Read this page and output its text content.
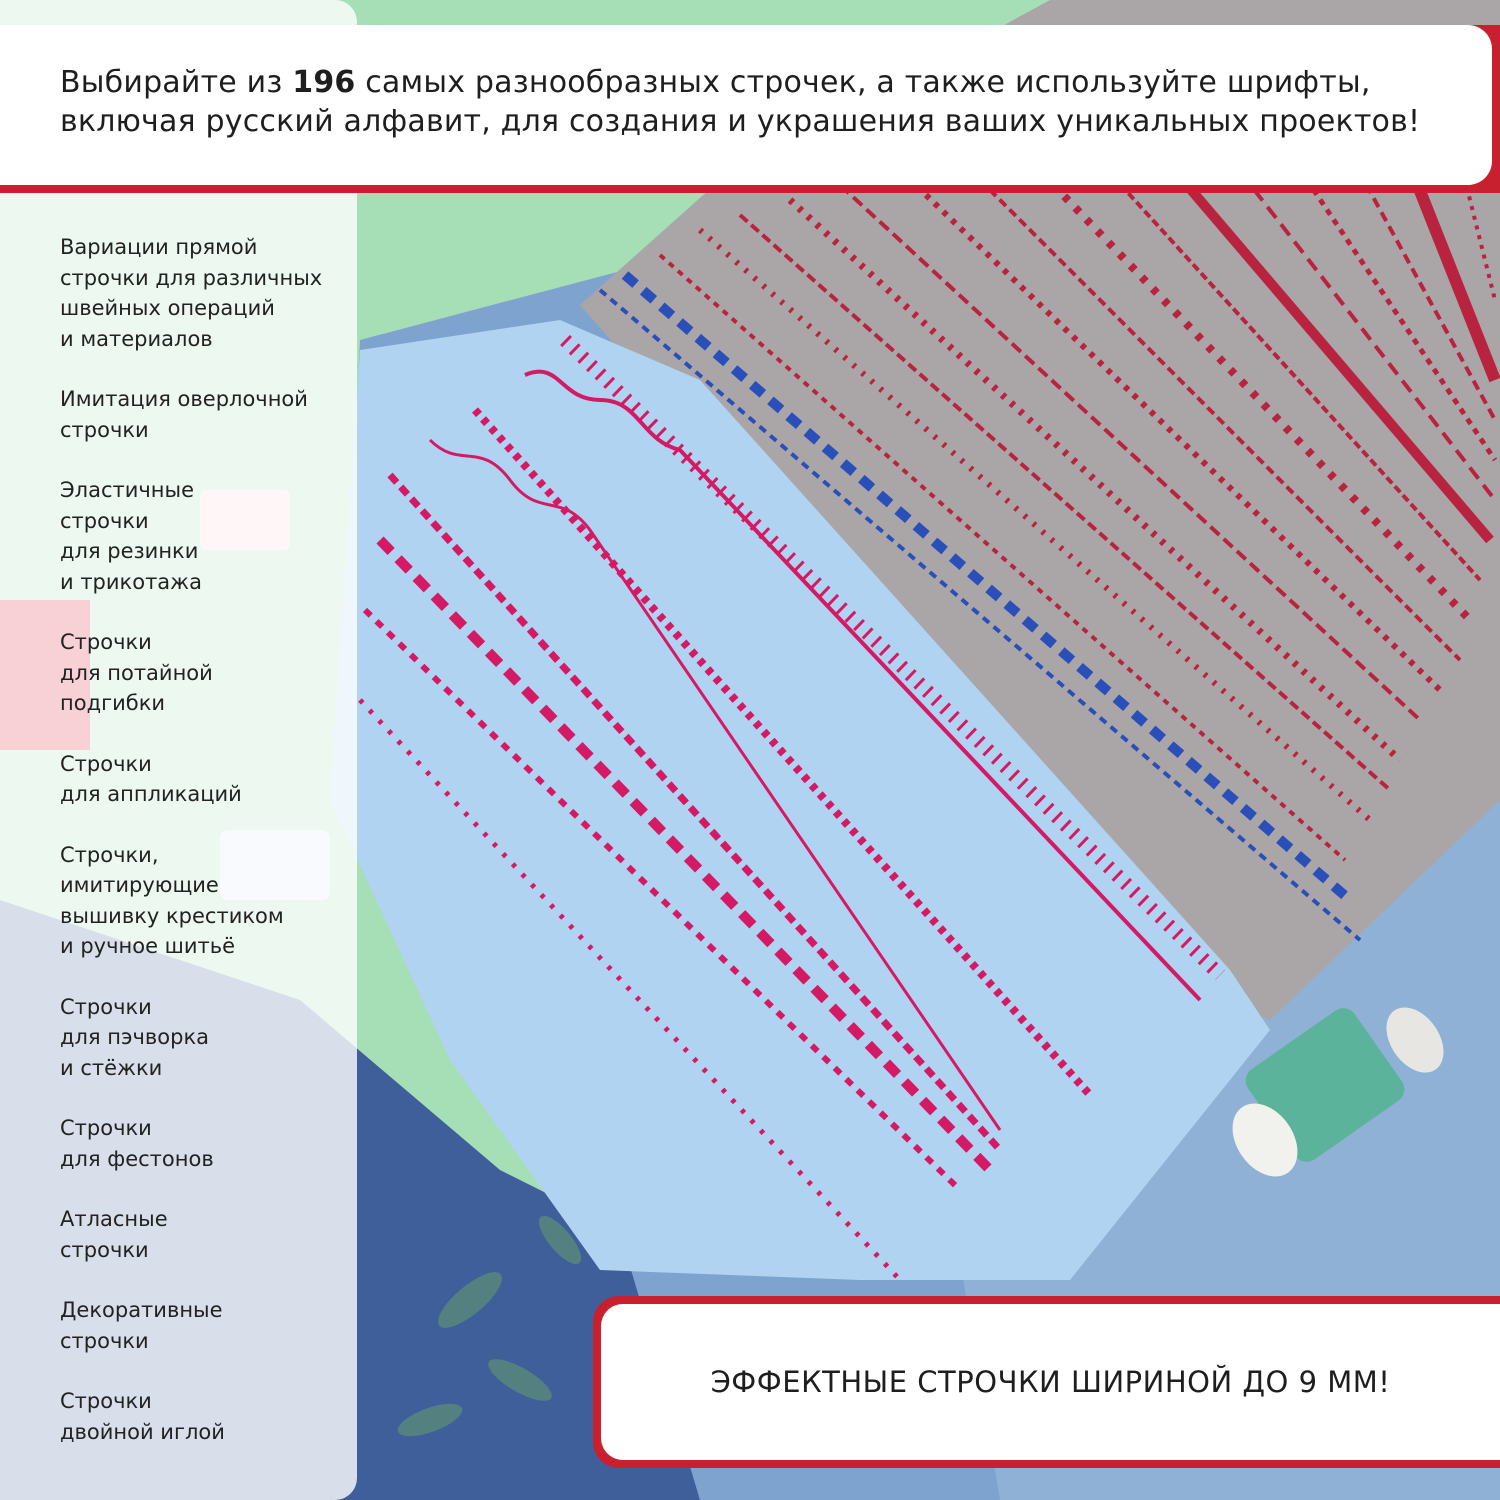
Вариации прямой
строчки для различных
швейных операций
и материалов
Имитация оверлочной
строчки
Эластичные
строчки
для резинки
и трикотажа
Строчки
для потайной
подгибки
Строчки
для аппликаций
Строчки,
имитирующие
вышивку крестиком
и ручное шитьё
Строчки
для пэчворка
и стёжки
Строчки
для фестонов
Атласные
строчки
Декоративные
строчки
Строчки
двойной иглой
Выбирайте из 196 самых разнообразных строчек, а также используйте шрифты,
включая русский алфавит, для создания и украшения ваших уникальных проектов!
ЭФФЕКТНЫЕ СТРОЧКИ ШИРИНОЙ ДО 9 ММ!
